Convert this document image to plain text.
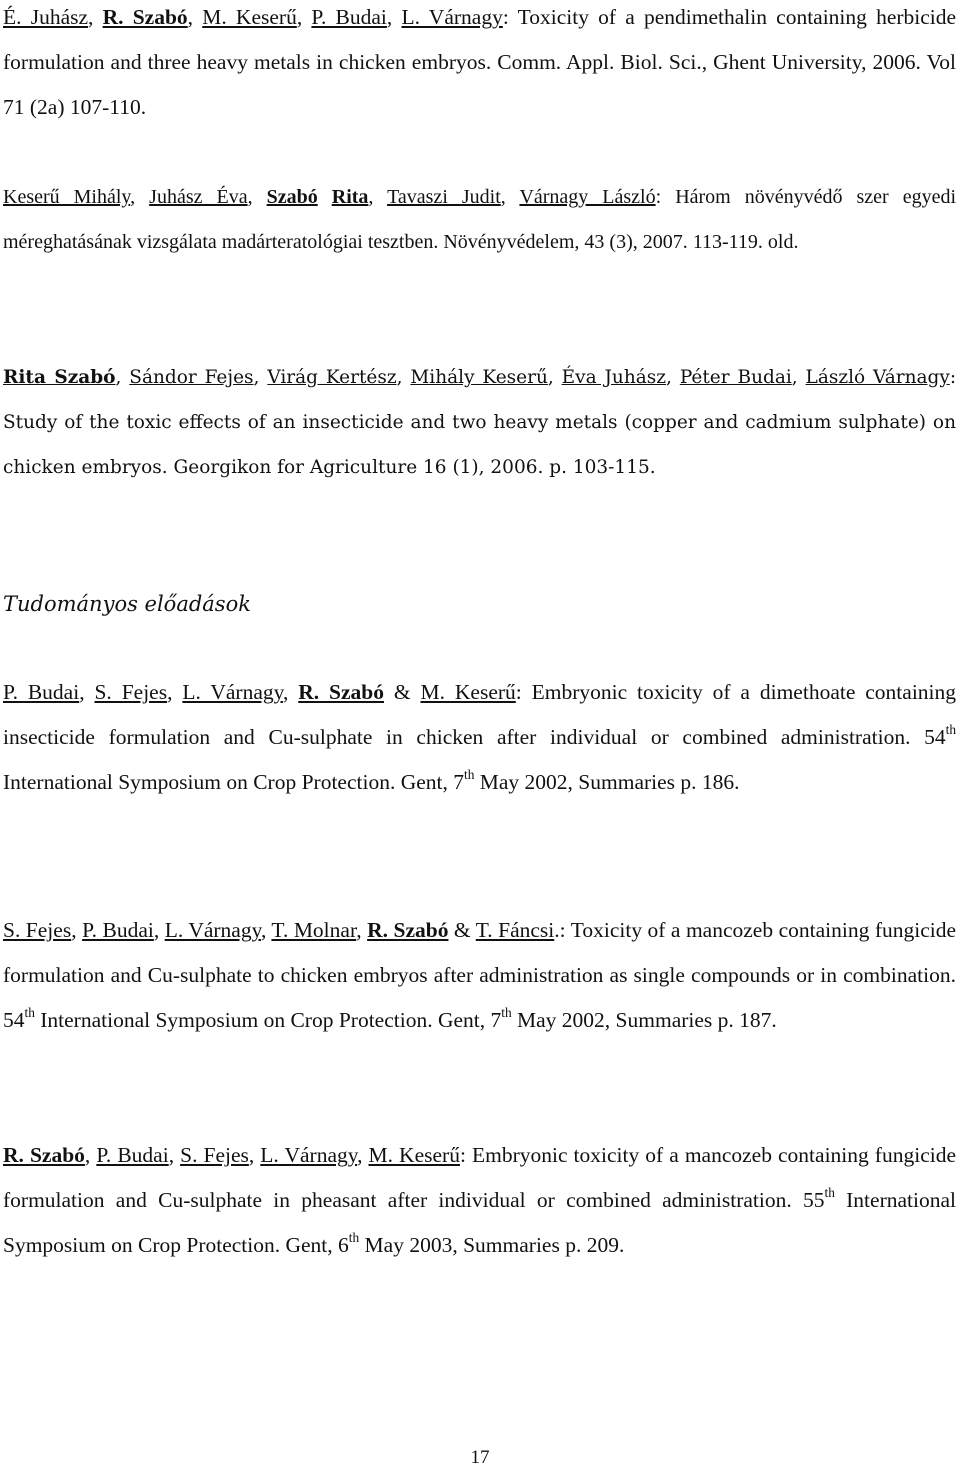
É. Juhász, R. Szabó, M. Keserű, P. Budai, L. Várnagy: Toxicity of a pendimethalin containing herbicide formulation and three heavy metals in chicken embryos. Comm. Appl. Biol. Sci., Ghent University, 2006. Vol 71 (2a) 107-110.

Keserű Mihály, Juhász Éva, Szabó Rita, Tavaszi Judit, Várnagy László: Három növényvédő szer egyedi méreghatásának vizsgálata madárteratológiai tesztben. Növényvédelem, 43 (3), 2007. 113-119. old.

Rita Szabó, Sándor Fejes, Virág Kertész, Mihály Keserű, Éva Juhász, Péter Budai, László Várnagy: Study of the toxic effects of an insecticide and two heavy metals (copper and cadmium sulphate) on chicken embryos. Georgikon for Agriculture 16 (1), 2006. p. 103-115.

Tudományos előadások

P. Budai, S. Fejes, L. Várnagy, R. Szabó & M. Keserű: Embryonic toxicity of a dimethoate containing insecticide formulation and Cu-sulphate in chicken after individual or combined administration. 54th International Symposium on Crop Protection. Gent, 7th May 2002, Summaries p. 186.

S. Fejes, P. Budai, L. Várnagy, T. Molnar, R. Szabó & T. Fáncsi.: Toxicity of a mancozeb containing fungicide formulation and Cu-sulphate to chicken embryos after administration as single compounds or in combination. 54th International Symposium on Crop Protection. Gent, 7th May 2002, Summaries p. 187.

R. Szabó, P. Budai, S. Fejes, L. Várnagy, M. Keserű: Embryonic toxicity of a mancozeb containing fungicide formulation and Cu-sulphate in pheasant after individual or combined administration. 55th International Symposium on Crop Protection. Gent, 6th May 2003, Summaries p. 209.

17
